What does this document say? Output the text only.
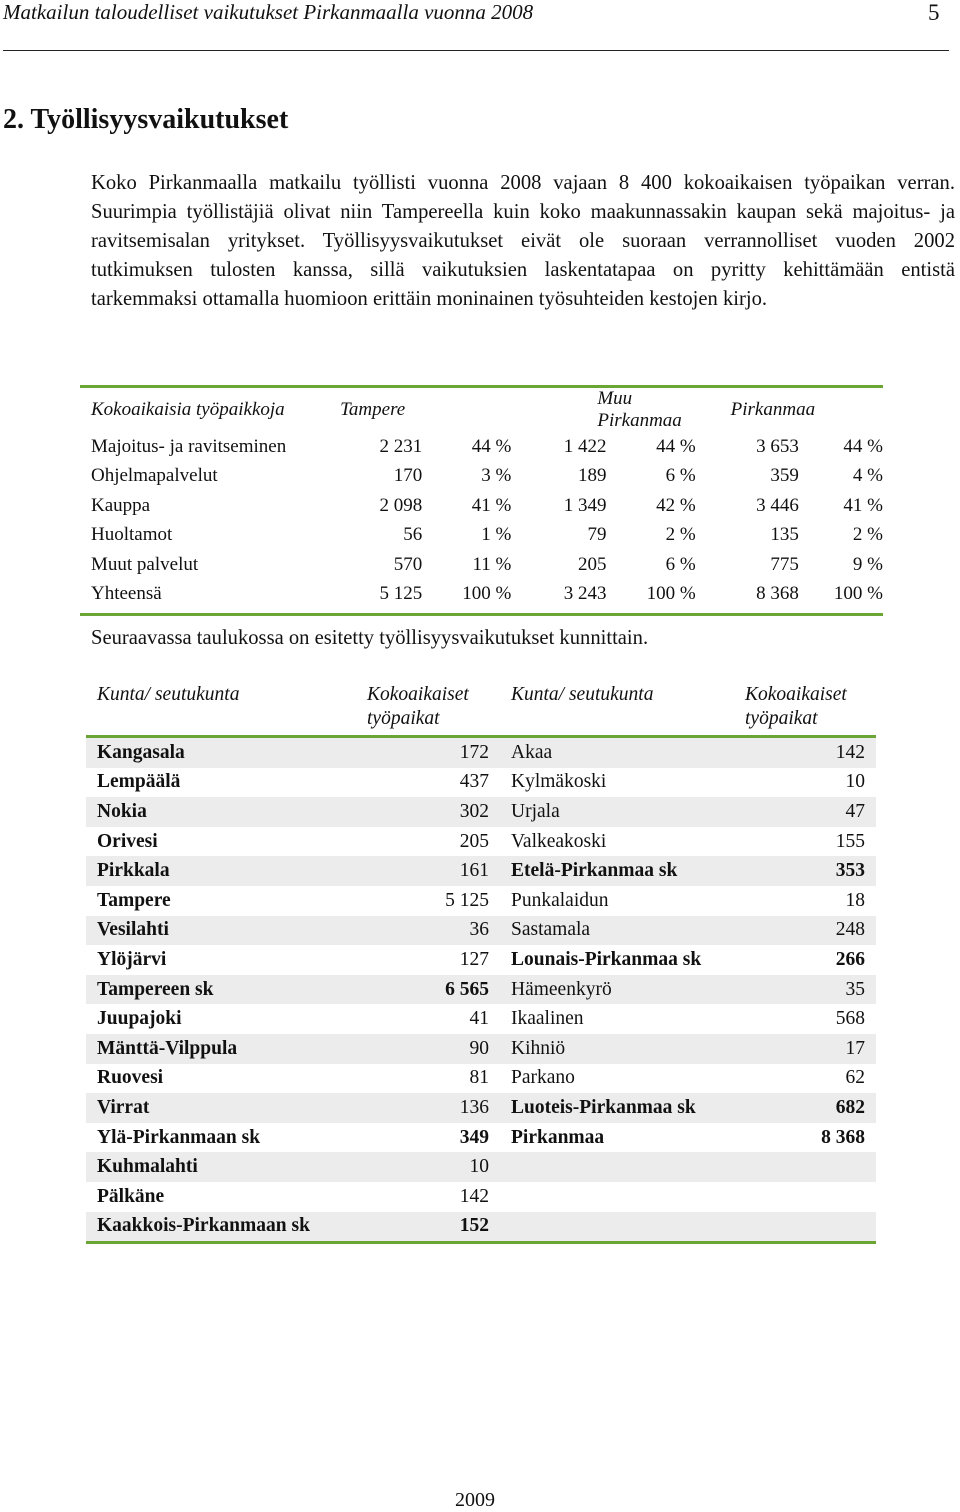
Matkailun taloudelliset vaikutukset Pirkanmaalla vuonna 2008	5
2. Työllisyysvaikutukset

Koko Pirkanmaalla matkailu työllisti vuonna 2008 vajaan 8 400 kokoaikaisen työpaikan verran. Suurimpia työllistäjiä olivat niin Tampereella kuin koko maakunnassakin kaupan sekä majoitus- ja ravitsemisalan yritykset. Työllisyysvaikutukset eivät ole suoraan verrannolliset vuoden 2002 tutkimuksen tulosten kanssa, sillä vaikutuksien laskentatapaa on pyritty kehittämään entistä tarkemmaksi ottamalla huomioon erittäin moninainen työsuhteiden kestojen kirjo.

Kokoaikaisia työpaikkoja	Tampere		Muu Pirkanmaa		Pirkanmaa	
Majoitus- ja ravitseminen	2 231	44 %	1 422	44 %	3 653	44 %
Ohjelmapalvelut	170	3 %	189	6 %	359	4 %
Kauppa	2 098	41 %	1 349	42 %	3 446	41 %
Huoltamot	56	1 %	79	2 %	135	2 %
Muut palvelut	570	11 %	205	6 %	775	9 %
Yhteensä	5 125	100 %	3 243	100 %	8 368	100 %

Seuraavassa taulukossa on esitetty työllisyysvaikutukset kunnittain.

Kunta/ seutukunta	Kokoaikaiset työpaikat	Kunta/ seutukunta	Kokoaikaiset työpaikat
Kangasala	172	Akaa	142
Lempäälä	437	Kylmäkoski	10
Nokia	302	Urjala	47
Orivesi	205	Valkeakoski	155
Pirkkala	161	Etelä-Pirkanmaa sk	353
Tampere	5 125	Punkalaidun	18
Vesilahti	36	Sastamala	248
Ylöjärvi	127	Lounais-Pirkanmaa sk	266
Tampereen sk	6 565	Hämeenkyrö	35
Juupajoki	41	Ikaalinen	568
Mänttä-Vilppula	90	Kihniö	17
Ruovesi	81	Parkano	62
Virrat	136	Luoteis-Pirkanmaa sk	682
Ylä-Pirkanmaan sk	349	Pirkanmaa	8 368
Kuhmalahti	10		
Pälkäne	142		
Kaakkois-Pirkanmaan sk	152		
2009
